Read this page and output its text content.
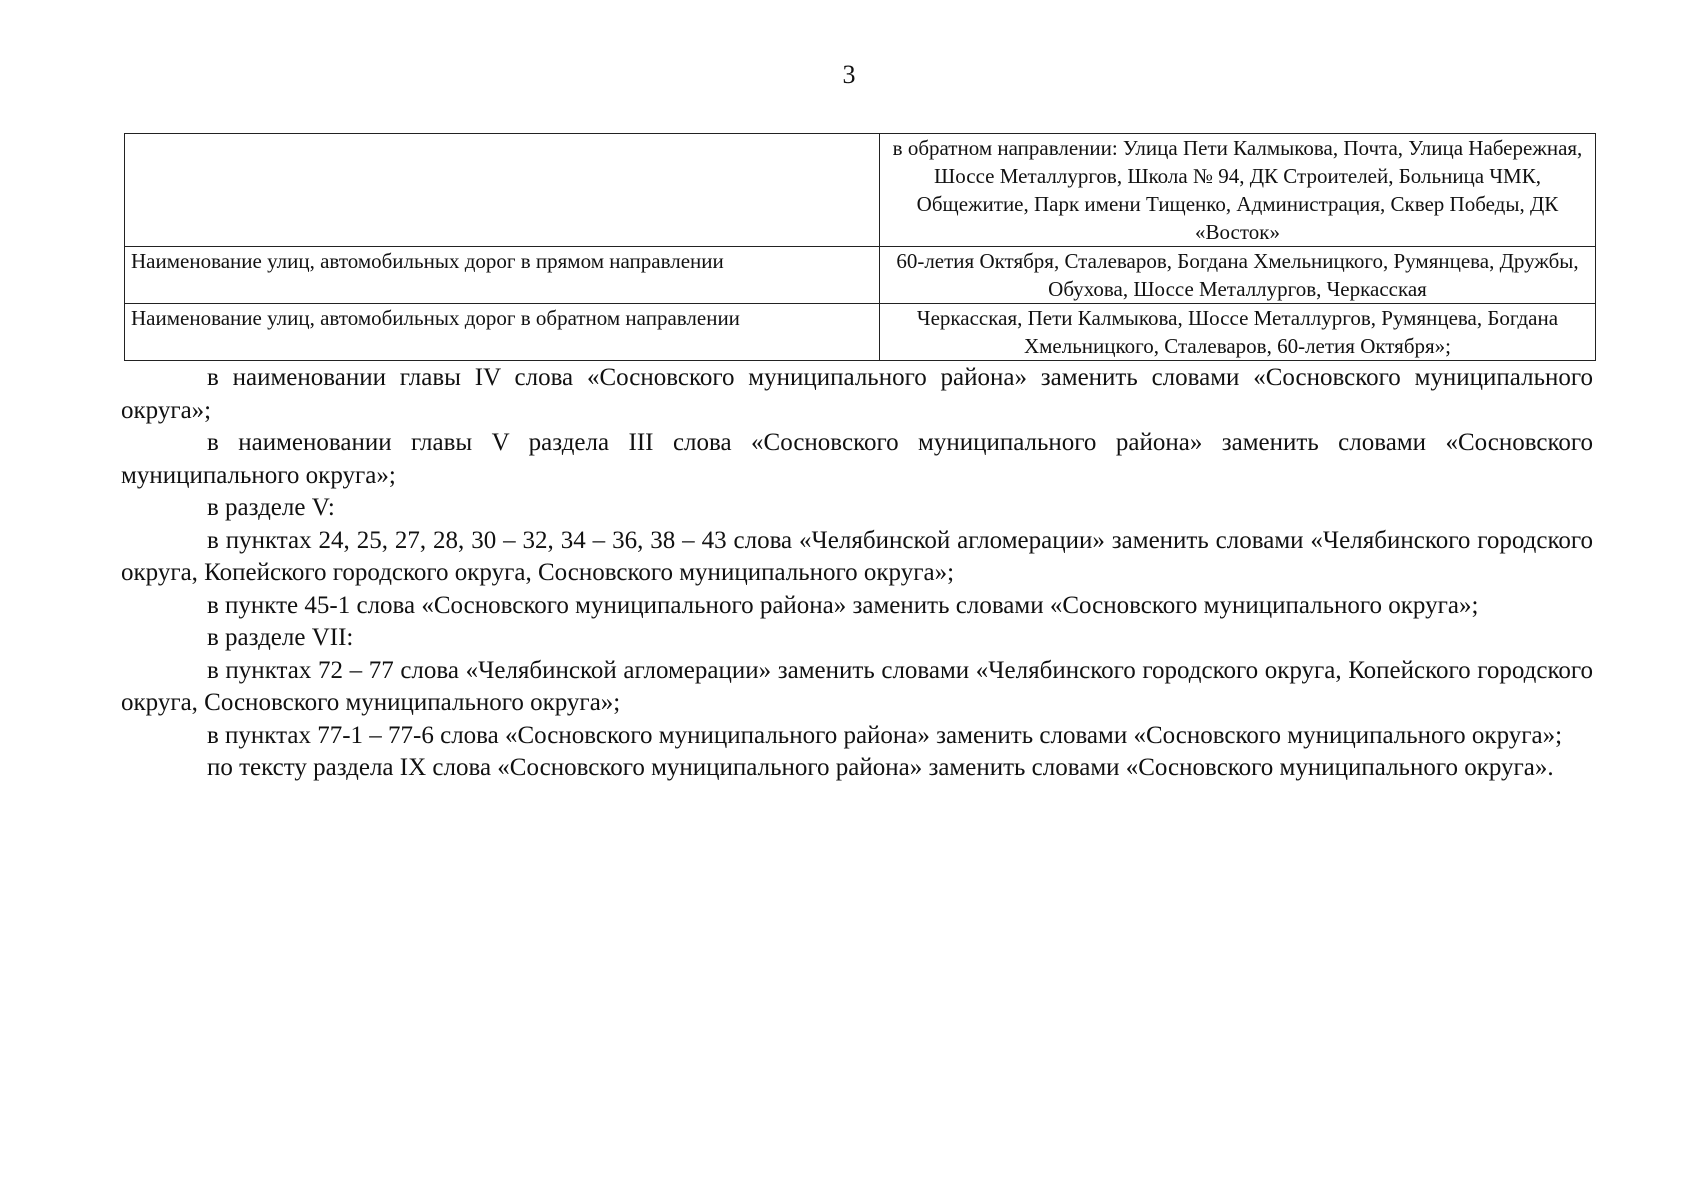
3
	в обратном направлении: Улица Пети Калмыкова, Почта, Улица Набережная, Шоссе Металлургов, Школа № 94, ДК Строителей, Больница ЧМК, Общежитие, Парк имени Тищенко, Администрация, Сквер Победы, ДК «Восток»
Наименование улиц, автомобильных дорог в прямом направлении	60-летия Октября, Сталеваров, Богдана Хмельницкого, Румянцева, Дружбы, Обухова, Шоссе Металлургов, Черкасская
Наименование улиц, автомобильных дорог в обратном направлении	Черкасская, Пети Калмыкова, Шоссе Металлургов, Румянцева, Богдана Хмельницкого, Сталеваров, 60-летия Октября»;

в наименовании главы IV слова «Сосновского муниципального района» заменить словами «Сосновского муниципального округа»;

в наименовании главы V раздела III слова «Сосновского муниципального района» заменить словами «Сосновского муниципального округа»;

в разделе V:

в пунктах 24, 25, 27, 28, 30 – 32, 34 – 36, 38 – 43 слова «Челябинской агломерации» заменить словами «Челябинского городского округа, Копейского городского округа, Сосновского муниципального округа»;

в пункте 45-1 слова «Сосновского муниципального района» заменить словами «Сосновского муниципального округа»;

в разделе VII:

в пунктах 72 – 77 слова «Челябинской агломерации» заменить словами «Челябинского городского округа, Копейского городского округа, Сосновского муниципального округа»;

в пунктах 77-1 – 77-6 слова «Сосновского муниципального района» заменить словами «Сосновского муниципального округа»;

по тексту раздела IX слова «Сосновского муниципального района» заменить словами «Сосновского муниципального округа».
